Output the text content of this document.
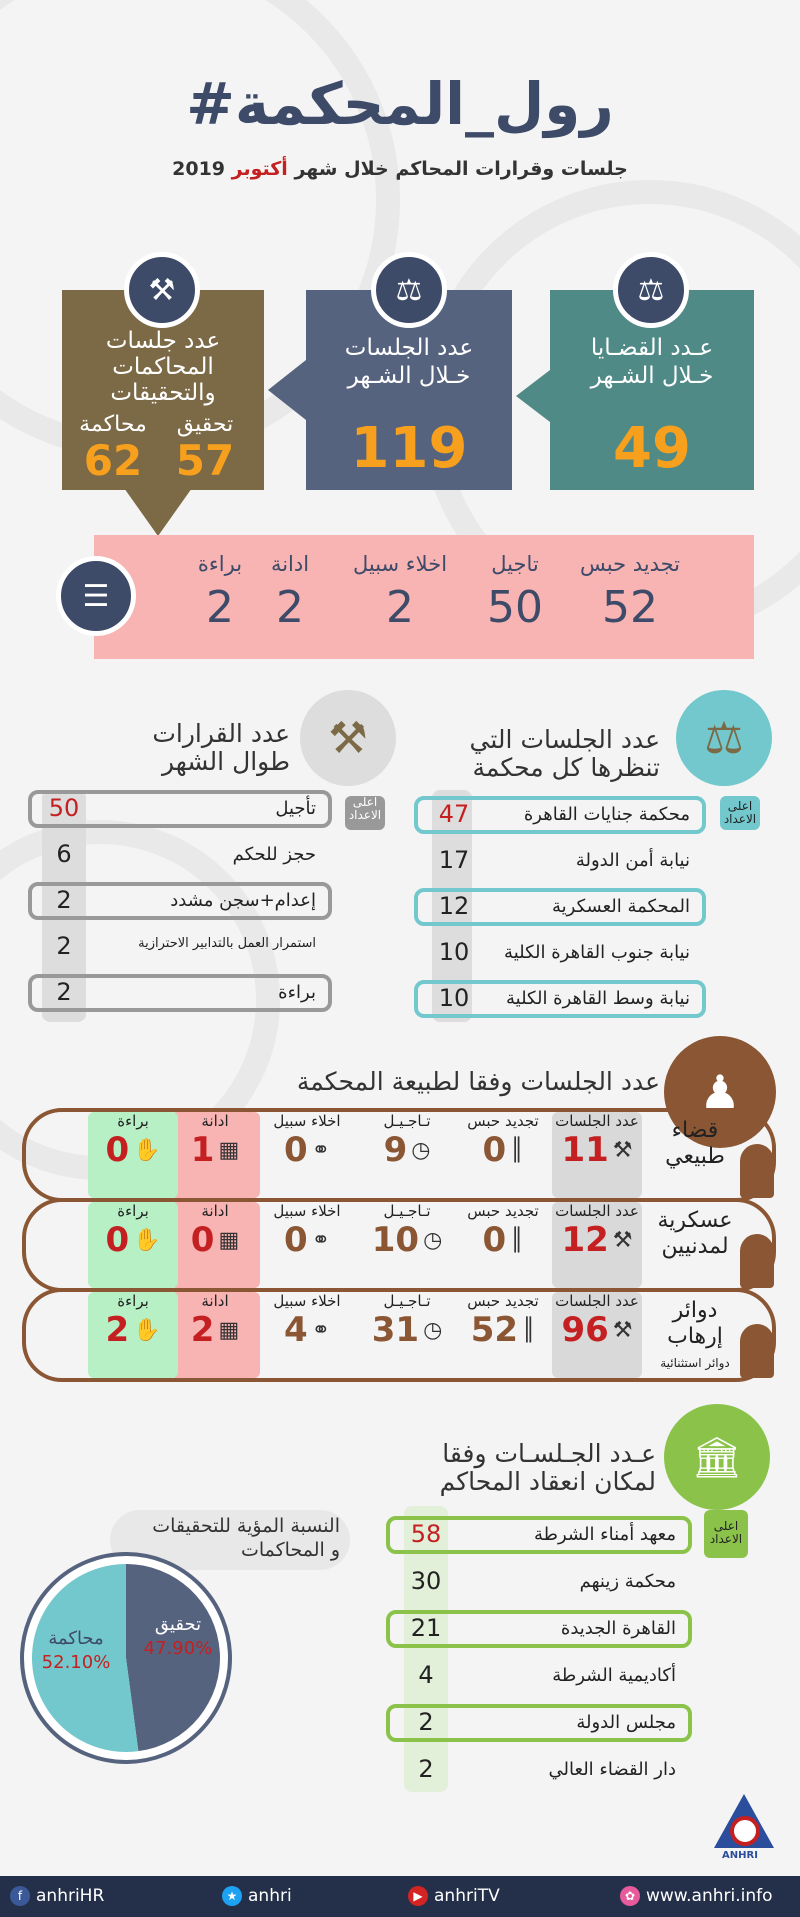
#رول_المحكمة
جلسات وقرارات المحاكم خلال شهر أكتوبر 2019
عـدد القضـايا
خـلال الشـهر
49
⚖
عدد الجلسات
خـلال الشـهر
119
⚖
عدد جلسات
المحاكمات
والتحقيقات
تحقيق
57
محاكمة
62
⚒
☰
تجديد حبس
52
تاجيل
50
اخلاء سبيل
2
ادانة
2
براءة
2
⚖
اعلى الاعداد
عدد الجلسات التي
تنظرها كل محكمة
محكمة جنايات القاهرة
47
نيابة أمن الدولة
17
المحكمة العسكرية
12
نيابة جنوب القاهرة الكلية
10
نيابة وسط القاهرة الكلية
10
⚒
اعلى الاعداد
عدد القرارات
طوال الشهر
تأجيل
50
حجز للحكم
6
إعدام+سجن مشدد
2
استمرار العمل بالتدابير الاحترازية
2
براءة
2
♟
عدد الجلسات وفقا لطبيعة المحكمة
عدد الجلسات
11 ⚒
تجديد حبس
0 ║
تـاجـيـل
9 ◷
اخلاء سبيل
0 ⚭
ادانة
1 ▦
براءة
0 ✋
قضاء
طبيعي
عدد الجلسات
12 ⚒
تجديد حبس
0 ║
تـاجـيـل
10 ◷
اخلاء سبيل
0 ⚭
ادانة
0 ▦
براءة
0 ✋
عسكرية
لمدنيين
عدد الجلسات
96 ⚒
تجديد حبس
52 ║
تـاجـيـل
31 ◷
اخلاء سبيل
4 ⚭
ادانة
2 ▦
براءة
2 ✋
دوائر
إرهاب
دوائر استثنائية
🏛
اعلى الاعداد
عـدد الجـلسـات وفقا
لمكان انعقاد المحاكم
معهد أمناء الشرطة
58
محكمة زينهم
30
القاهرة الجديدة
21
أكاديمية الشرطة
4
مجلس الدولة
2
دار القضاء العالي
2
النسبة المؤية للتحقيقات
و المحاكمات
تحقيق
47.90%
محاكمة
52.10%
ANHRI
f anhriHR	★ anhri	▶ anhriTV	✿ www.anhri.info
